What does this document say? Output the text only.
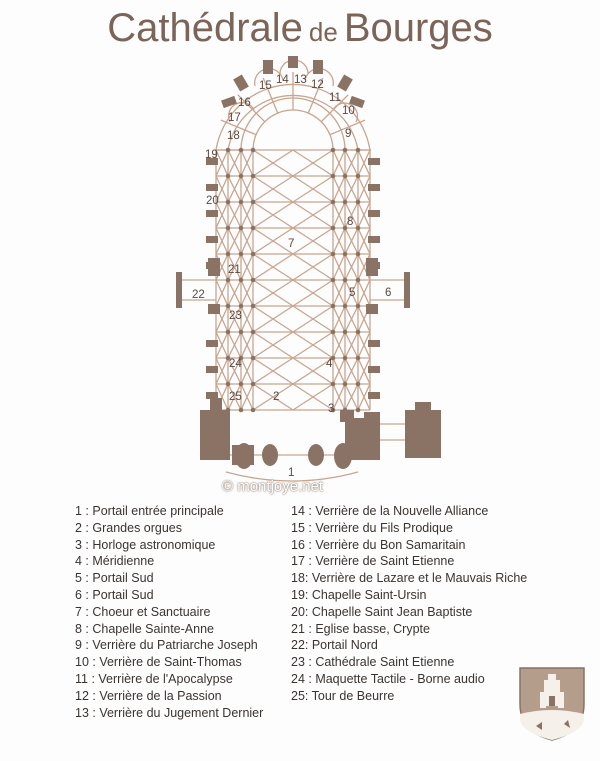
Cathédrale de Bourges
1
2
3
4
5	6
7
8
9
10
11
12
13
14
15
16
17
18
19
20
21
22
23
24
25
© montjoye.net
1 : Portail entrée principale
2 : Grandes orgues
3 : Horloge astronomique
4 : Méridienne
5 : Portail Sud
6 : Portail Sud
7 : Choeur et Sanctuaire
8 : Chapelle Sainte-Anne
9 : Verrière du Patriarche Joseph
10 : Verrière de Saint-Thomas
11 : Verrière de l'Apocalypse
12 : Verrière de la Passion
13 : Verrière du Jugement Dernier
14 : Verrière de la Nouvelle Alliance
15 : Verrière du Fils Prodique
16 : Verrière du Bon Samaritain
17 : Verrière de Saint Etienne
18: Verrière de Lazare et le Mauvais Riche
19: Chapelle Saint-Ursin
20: Chapelle Saint Jean Baptiste
21 : Eglise basse, Crypte
22: Portail Nord
23 : Cathédrale Saint Etienne
24 : Maquette Tactile - Borne audio
25: Tour de Beurre
